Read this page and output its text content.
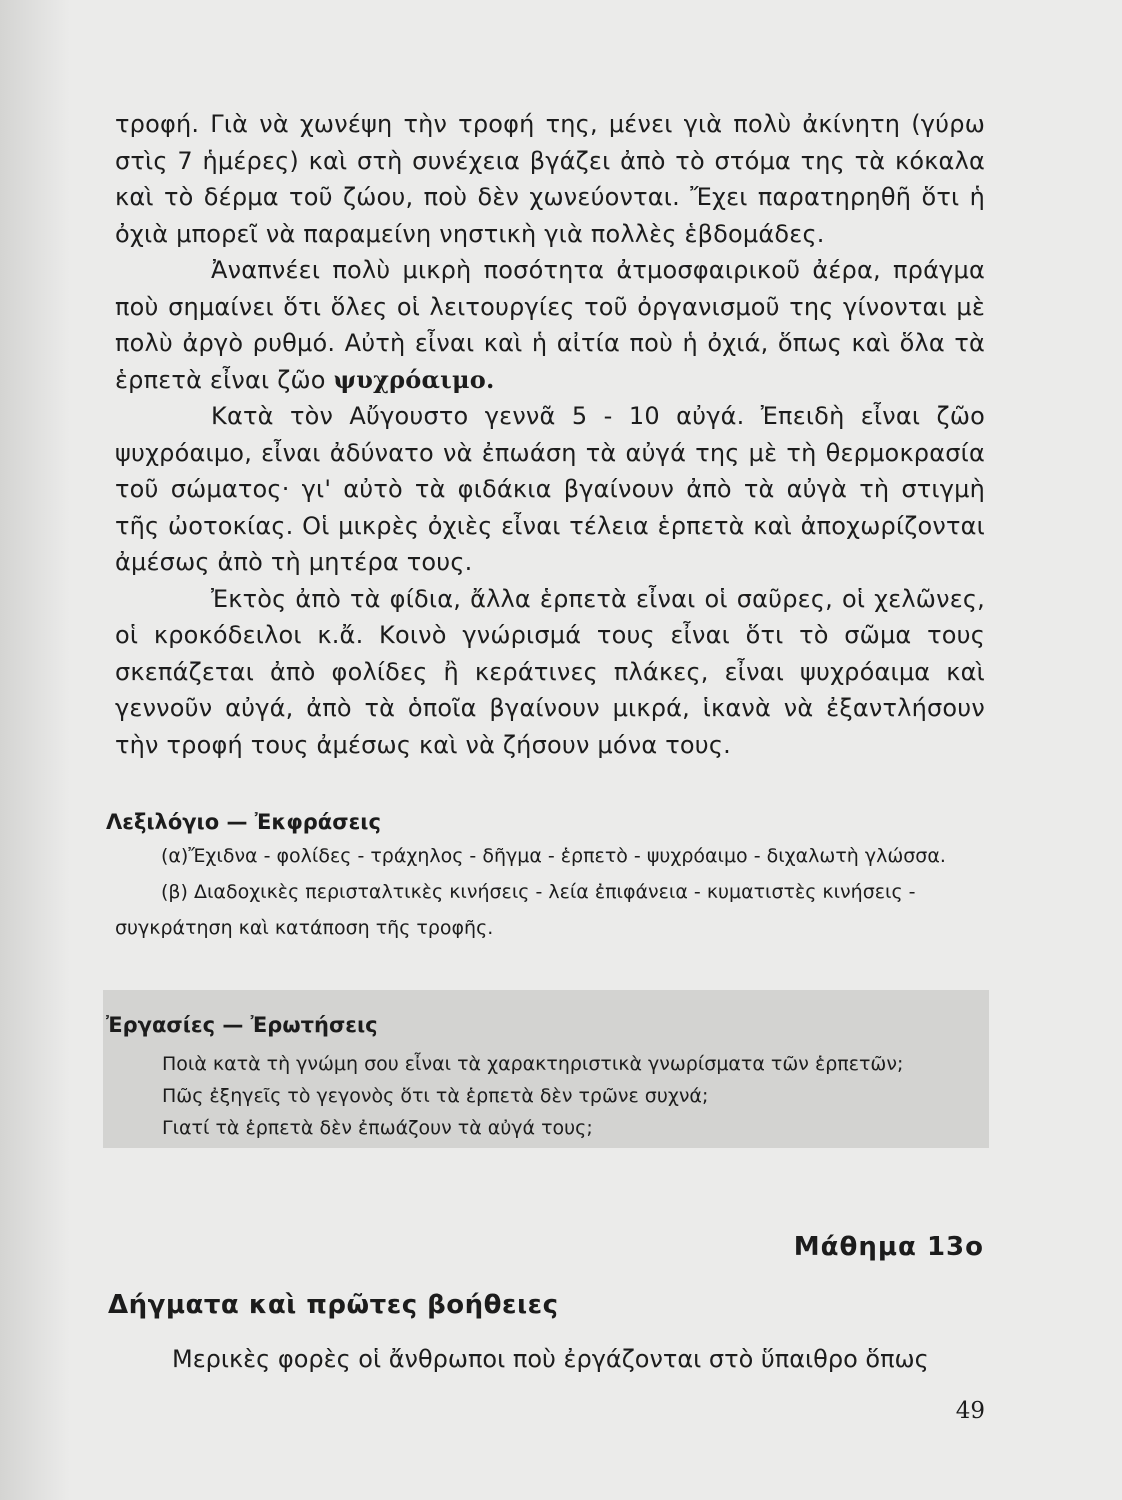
τροφή. Γιὰ νὰ χωνέψη τὴν τροφή της, μένει γιὰ πολὺ ἀκίνητη (γύρω στὶς 7 ἡμέρες) καὶ στὴ συνέχεια βγάζει ἀπὸ τὸ στόμα της τὰ κόκαλα καὶ τὸ δέρμα τοῦ ζώου, ποὺ δὲν χωνεύονται. Ἔχει παρατηρηθῆ ὅτι ἡ ὀχιὰ μπορεῖ νὰ παραμείνη νηστικὴ γιὰ πολλὲς ἑβδομάδες.

Ἀναπνέει πολὺ μικρὴ ποσότητα ἀτμοσφαιρικοῦ ἀέρα, πράγμα ποὺ σημαίνει ὅτι ὅλες οἱ λειτουργίες τοῦ ὀργανισμοῦ της γίνονται μὲ πολὺ ἀργὸ ρυθμό. Αὐτὴ εἶναι καὶ ἡ αἰτία ποὺ ἡ ὀχιά, ὅπως καὶ ὅλα τὰ ἑρπετὰ εἶναι ζῶο ψυχρόαιμο.

Κατὰ τὸν Αὔγουστο γεννᾶ 5 - 10 αὐγά. Ἐπειδὴ εἶναι ζῶο ψυχρόαιμο, εἶναι ἀδύνατο νὰ ἐπωάση τὰ αὐγά της μὲ τὴ θερμοκρασία τοῦ σώματος· γι' αὐτὸ τὰ φιδάκια βγαίνουν ἀπὸ τὰ αὐγὰ τὴ στιγμὴ τῆς ὠοτοκίας. Οἱ μικρὲς ὀχιὲς εἶναι τέλεια ἑρπετὰ καὶ ἀποχωρίζονται ἀμέσως ἀπὸ τὴ μητέρα τους.

Ἐκτὸς ἀπὸ τὰ φίδια, ἄλλα ἑρπετὰ εἶναι οἱ σαῦρες, οἱ χελῶνες, οἱ κροκόδειλοι κ.ἄ. Κοινὸ γνώρισμά τους εἶναι ὅτι τὸ σῶμα τους σκεπάζεται ἀπὸ φολίδες ἢ κεράτινες πλάκες, εἶναι ψυχρόαιμα καὶ γεννοῦν αὐγά, ἀπὸ τὰ ὁποῖα βγαίνουν μικρά, ἱκανὰ νὰ ἐξαντλήσουν τὴν τροφή τους ἀμέσως καὶ νὰ ζήσουν μόνα τους.

Λεξιλόγιο — Ἐκφράσεις

(α)Ἔχιδνα - φολίδες - τράχηλος - δῆγμα - ἑρπετὸ - ψυχρόαιμο - διχαλωτὴ γλώσσα.

(β) Διαδοχικὲς περισταλτικὲς κινήσεις - λεία ἐπιφάνεια - κυματιστὲς κινήσεις - συγκράτηση καὶ κατάποση τῆς τροφῆς.

Ἐργασίες — Ἐρωτήσεις
Ποιὰ κατὰ τὴ γνώμη σου εἶναι τὰ χαρακτηριστικὰ γνωρίσματα τῶν ἑρπετῶν;
Πῶς ἐξηγεῖς τὸ γεγονὸς ὅτι τὰ ἑρπετὰ δὲν τρῶνε συχνά;
Γιατί τὰ ἑρπετὰ δὲν ἐπωάζουν τὰ αὐγά τους;
Μάθημα 13ο
Δήγματα καὶ πρῶτες βοήθειες

Μερικὲς φορὲς οἱ ἄνθρωποι ποὺ ἐργάζονται στὸ ὕπαιθρο ὅπως

49
